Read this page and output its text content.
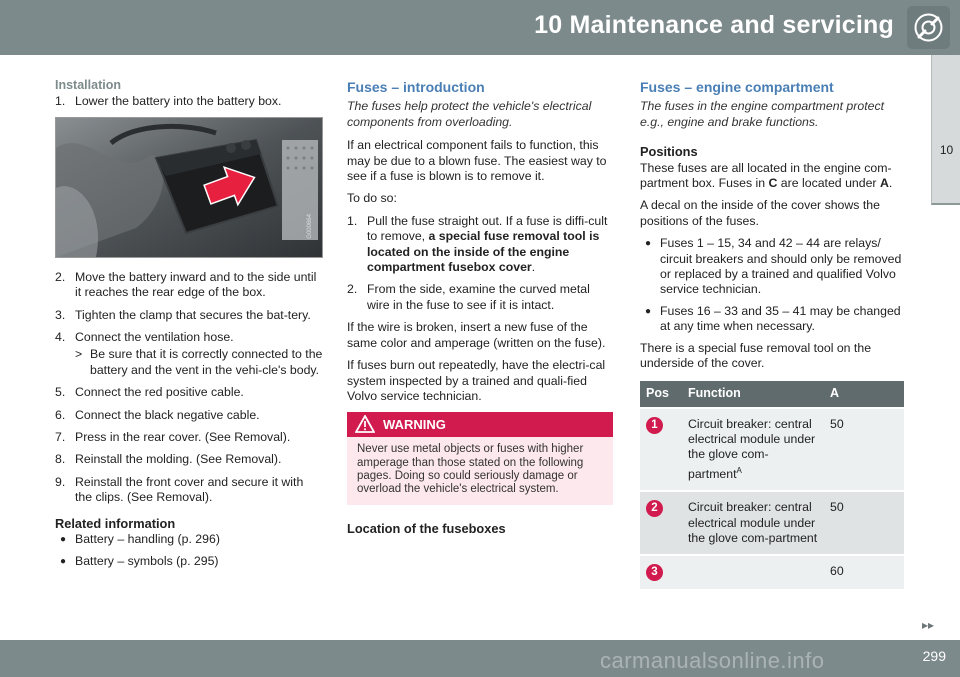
10 Maintenance and servicing
10
Installation
1. Lower the battery into the battery box.
G000664
2. Move the battery inward and to the side until it reaches the rear edge of the box.
3. Tighten the clamp that secures the bat-tery.
4. Connect the ventilation hose.
> Be sure that it is correctly connected to the battery and the vent in the vehi-cle's body.
5. Connect the red positive cable.
6. Connect the black negative cable.
7. Press in the rear cover. (See Removal).
8. Reinstall the molding. (See Removal).
9. Reinstall the front cover and secure it with the clips. (See Removal).
Related information
● Battery – handling (p. 296)
● Battery – symbols (p. 295)
Fuses – introduction
The fuses help protect the vehicle's electrical components from overloading.

If an electrical component fails to function, this may be due to a blown fuse. The easiest way to see if a fuse is blown is to remove it.

To do so:

1. Pull the fuse straight out. If a fuse is diffi-cult to remove, a special fuse removal tool is located on the inside of the engine compartment fusebox cover.
2. From the side, examine the curved metal wire in the fuse to see if it is intact.

If the wire is broken, insert a new fuse of the same color and amperage (written on the fuse).

If fuses burn out repeatedly, have the electri-cal system inspected by a trained and quali-fied Volvo service technician.

WARNING
Never use metal objects or fuses with higher amperage than those stated on the following pages. Doing so could seriously damage or overload the vehicle's electrical system.
Location of the fuseboxes
Fuses – engine compartment
The fuses in the engine compartment protect e.g., engine and brake functions.
Positions

These fuses are all located in the engine com-partment box. Fuses in C are located under A.

A decal on the inside of the cover shows the positions of the fuses.

● Fuses 1 – 15, 34 and 42 – 44 are relays/ circuit breakers and should only be removed or replaced by a trained and qualified Volvo service technician.
● Fuses 16 – 33 and 35 – 41 may be changed at any time when necessary.

There is a special fuse removal tool on the underside of the cover.

Pos	Function	A
1	Circuit breaker: central electrical module under the glove com-partment$^A$	50
2	Circuit breaker: central electrical module under the glove com-partment	50
3		60
▸▸
carmanualsonline.info	299
